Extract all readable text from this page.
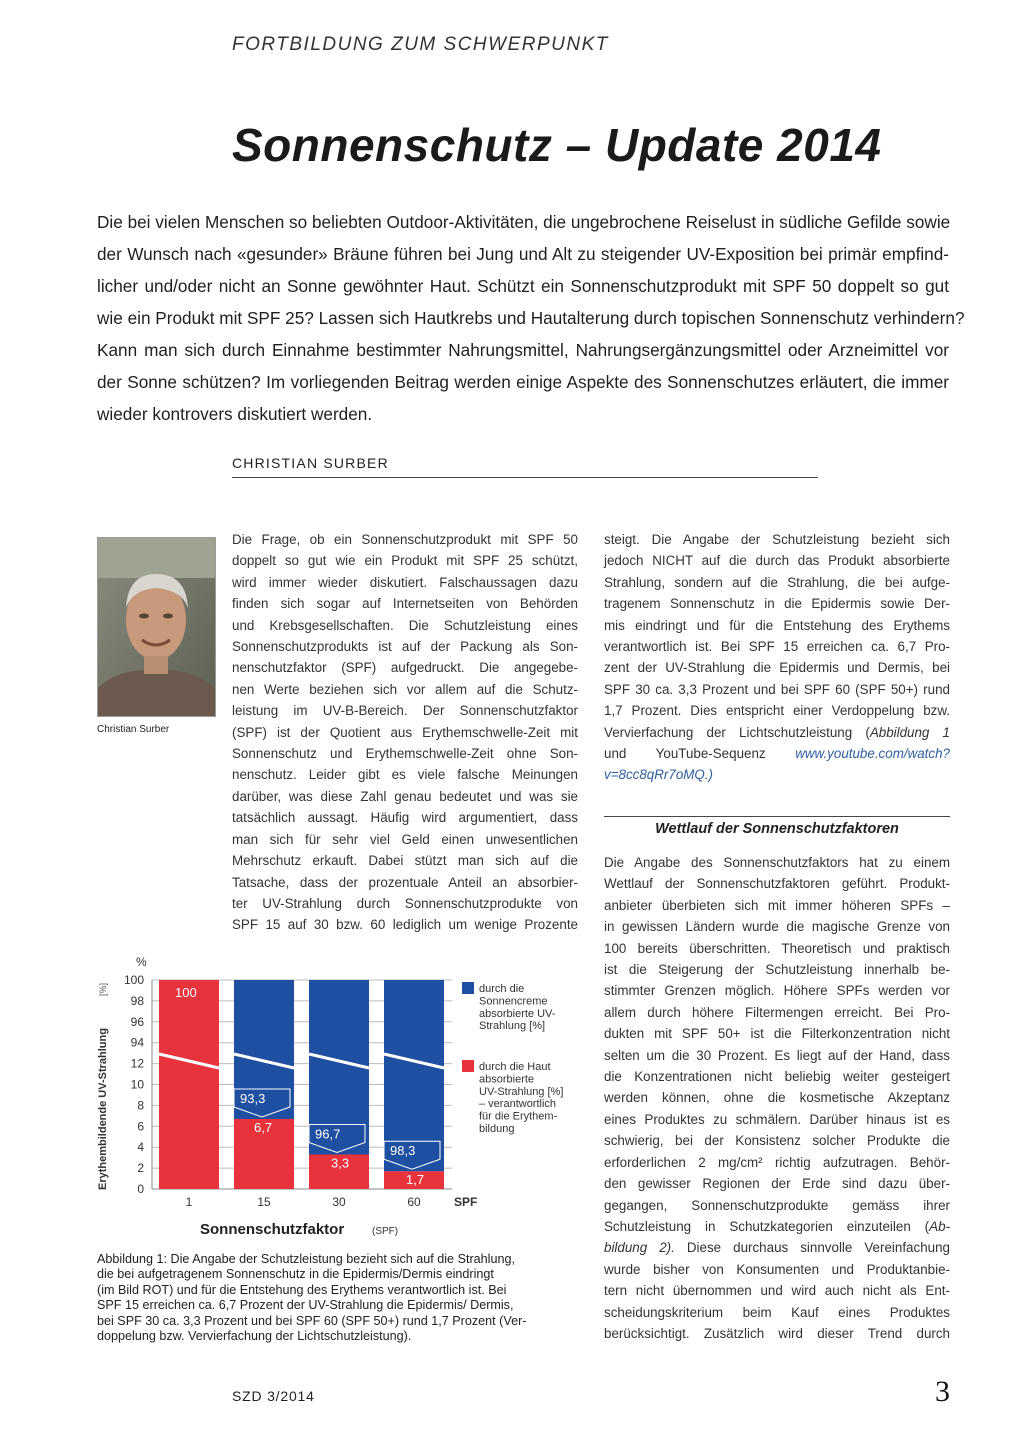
FORTBILDUNG ZUM SCHWERPUNKT
Sonnenschutz – Update 2014
Die bei vielen Menschen so beliebten Outdoor-Aktivitäten, die ungebrochene Reiselust in südliche Gefilde sowie
der Wunsch nach «gesunder» Bräune führen bei Jung und Alt zu steigender UV-Exposition bei primär empfind-
licher und/oder nicht an Sonne gewöhnter Haut. Schützt ein Sonnenschutzprodukt mit SPF 50 doppelt so gut
wie ein Produkt mit SPF 25? Lassen sich Hautkrebs und Hautalterung durch topischen Sonnenschutz verhindern?
Kann man sich durch Einnahme bestimmter Nahrungsmittel, Nahrungsergänzungsmittel oder Arzneimittel vor
der Sonne schützen? Im vorliegenden Beitrag werden einige Aspekte des Sonnenschutzes erläutert, die immer
wieder kontrovers diskutiert werden.
CHRISTIAN SURBER
Christian Surber
Die Frage, ob ein Sonnenschutzprodukt mit SPF 50
doppelt so gut wie ein Produkt mit SPF 25 schützt,
wird immer wieder diskutiert. Falschaussagen dazu
finden sich sogar auf Internetseiten von Behörden
und Krebsgesellschaften. Die Schutzleistung eines
Sonnenschutzprodukts ist auf der Packung als Son-
nenschutzfaktor (SPF) aufgedruckt. Die angegebe-
nen Werte beziehen sich vor allem auf die Schutz-
leistung im UV-B-Bereich. Der Sonnenschutzfaktor
(SPF) ist der Quotient aus Erythemschwelle-Zeit mit
Sonnenschutz und Erythemschwelle-Zeit ohne Son-
nenschutz. Leider gibt es viele falsche Meinungen
darüber, was diese Zahl genau bedeutet und was sie
tatsächlich aussagt. Häufig wird argumentiert, dass
man sich für sehr viel Geld einen unwesentlichen
Mehrschutz erkauft. Dabei stützt man sich auf die
Tatsache, dass der prozentuale Anteil an absorbier-
ter UV-Strahlung durch Sonnenschutzprodukte von
SPF 15 auf 30 bzw. 60 lediglich um wenige Prozente
steigt. Die Angabe der Schutzleistung bezieht sich
jedoch NICHT auf die durch das Produkt absorbierte
Strahlung, sondern auf die Strahlung, die bei aufge-
tragenem Sonnenschutz in die Epidermis sowie Der-
mis eindringt und für die Entstehung des Erythems
verantwortlich ist. Bei SPF 15 erreichen ca. 6,7 Pro-
zent der UV-Strahlung die Epidermis und Dermis, bei
SPF 30 ca. 3,3 Prozent und bei SPF 60 (SPF 50+) rund
1,7 Prozent. Dies entspricht einer Verdoppelung bzw.
Vervierfachung der Lichtschutzleistung (Abbildung 1
und YouTube-Sequenz www.youtube.com/watch?
v=8cc8qRr7oMQ.)
Wettlauf der Sonnenschutzfaktoren
Die Angabe des Sonnenschutzfaktors hat zu einem
Wettlauf der Sonnenschutzfaktoren geführt. Produkt-
anbieter überbieten sich mit immer höheren SPFs –
in gewissen Ländern wurde die magische Grenze von
100 bereits überschritten. Theoretisch und praktisch
ist die Steigerung der Schutzleistung innerhalb be-
stimmter Grenzen möglich. Höhere SPFs werden vor
allem durch höhere Filtermengen erreicht. Bei Pro-
dukten mit SPF 50+ ist die Filterkonzentration nicht
selten um die 30 Prozent. Es liegt auf der Hand, dass
die Konzentrationen nicht beliebig weiter gesteigert
werden können, ohne die kosmetische Akzeptanz
eines Produktes zu schmälern. Darüber hinaus ist es
schwierig, bei der Konsistenz solcher Produkte die
erforderlichen 2 mg/cm² richtig aufzutragen. Behör-
den gewisser Regionen der Erde sind dazu über-
gegangen, Sonnenschutzprodukte gemäss ihrer
Schutzleistung in Schutzkategorien einzuteilen (Ab-
bildung 2). Diese durchaus sinnvolle Vereinfachung
wurde bisher von Konsumenten und Produktanbie-
tern nicht übernommen und wird auch nicht als Ent-
scheidungskriterium beim Kauf eines Produktes
berücksichtigt. Zusätzlich wird dieser Trend durch
%
Erythembildende UV-Strahlung
[%]
0
2
4
6
8
10
12
94
96
98
100
1	15	30	60
100
6,7
3,3
1,7
93,3
96,7
98,3
SPF
Sonnenschutzfaktor	(SPF)
durch die
Sonnencreme
absorbierte UV-
Strahlung [%]
durch die Haut
absorbierte
UV-Strahlung [%]
– verantwortlich
für die Erythem-
bildung
Abbildung 1: Die Angabe der Schutzleistung bezieht sich auf die Strahlung,
die bei aufgetragenem Sonnenschutz in die Epidermis/Dermis eindringt
(im Bild ROT) und für die Entstehung des Erythems verantwortlich ist. Bei
SPF 15 erreichen ca. 6,7 Prozent der UV-Strahlung die Epidermis/ Dermis,
bei SPF 30 ca. 3,3 Prozent und bei SPF 60 (SPF 50+) rund 1,7 Prozent (Ver-
doppelung bzw. Vervierfachung der Lichtschutzleistung).
SZD 3/2014	3
